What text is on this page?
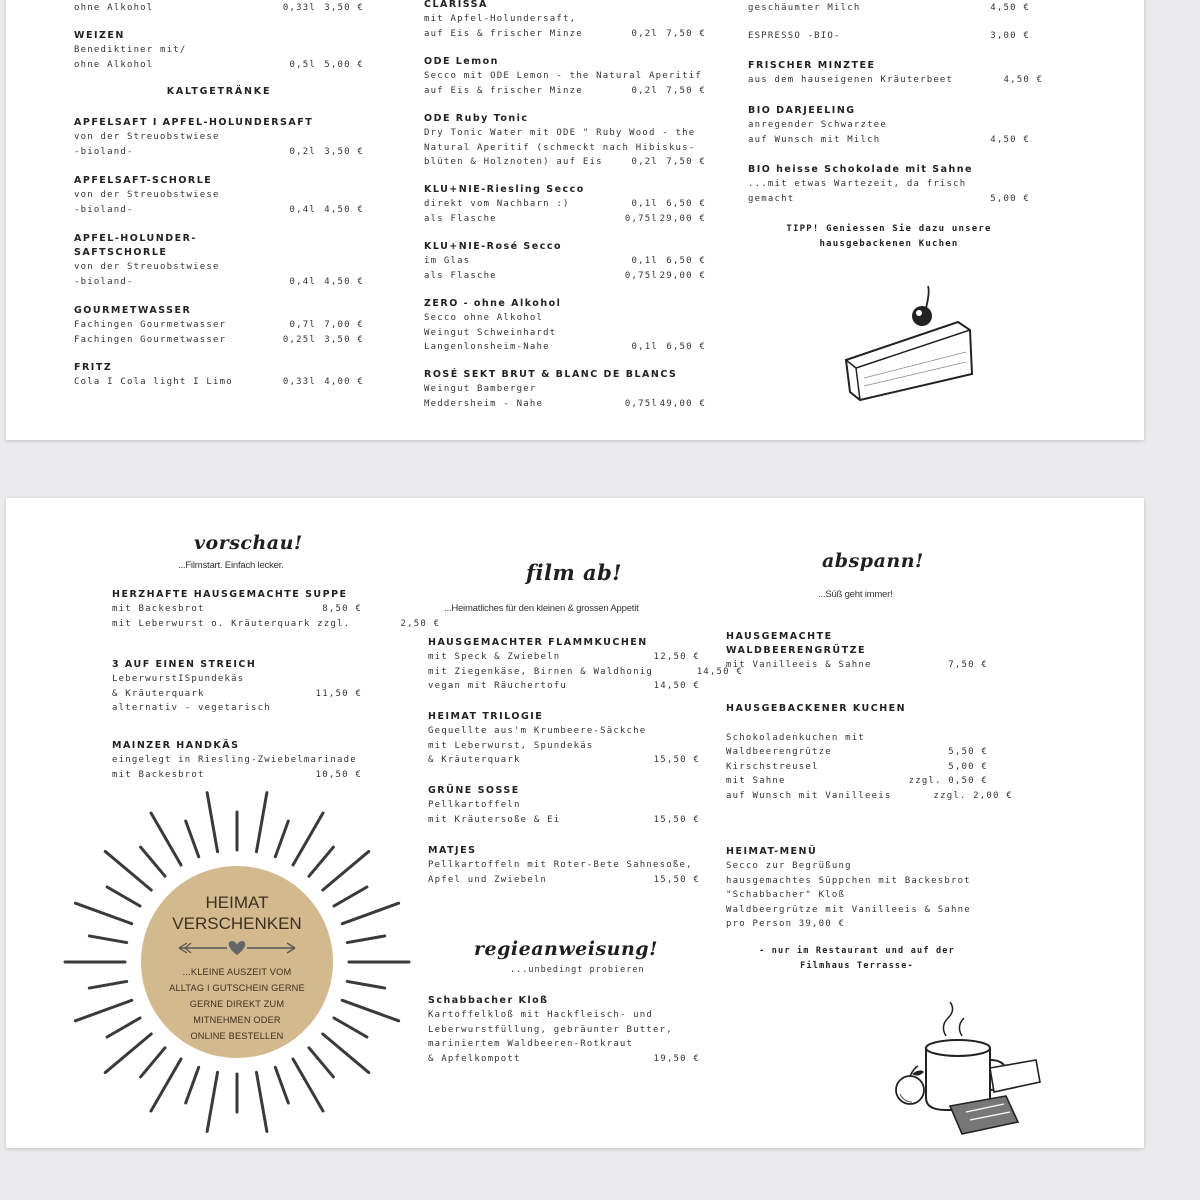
ohne Alkohol	0,33l 3,50 €
WEIZEN
Benediktiner mit/
ohne Alkohol	0,5l 5,00 €
KALTGETRÄNKE
APFELSAFT I APFEL-HOLUNDERSAFT
von der Streuobstwiese
-bioland-	0,2l 3,50 €
APFELSAFT-SCHORLE
von der Streuobstwiese
-bioland-	0,4l 4,50 €
APFEL-HOLUNDER-
SAFTSCHORLE
von der Streuobstwiese
-bioland-	0,4l 4,50 €
GOURMETWASSER
Fachingen Gourmetwasser	0,7l 7,00 €
Fachingen Gourmetwasser	0,25l 3,50 €
FRITZ
Cola I Cola light I Limo	0,33l 4,00 €
CLARISSA
mit Apfel-Holundersaft,
auf Eis & frischer Minze	0,2l 7,50 €
ODE Lemon
Secco mit ODE Lemon - the Natural Aperitif
auf Eis & frischer Minze	0,2l 7,50 €
ODE Ruby Tonic
Dry Tonic Water mit ODE " Ruby Wood - the
Natural Aperitif (schmeckt nach Hibiskus-
blüten & Holznoten) auf Eis	0,2l 7,50 €
KLU+NIE-Riesling Secco
direkt vom Nachbarn :)	0,1l 6,50 €
als Flasche	0,75l 29,00 €
KLU+NIE-Rosé Secco
im Glas	0,1l 6,50 €
als Flasche	0,75l 29,00 €
ZERO - ohne Alkohol
Secco ohne Alkohol
Weingut Schweinhardt
Langenlonsheim-Nahe	0,1l 6,50 €
ROSÉ SEKT BRUT & BLANC DE BLANCS
Weingut Bamberger
Meddersheim - Nahe	0,75l 49,00 €
geschäumter Milch	4,50 €
ESPRESSO -BIO-	3,00 €
FRISCHER MINZTEE
aus dem hauseigenen Kräuterbeet	4,50 €
BIO DARJEELING
anregender Schwarztee
auf Wunsch mit Milch	4,50 €
BIO heisse Schokolade mit Sahne
...mit etwas Wartezeit, da frisch
gemacht	5,00 €
TIPP! Geniessen Sie dazu unsere
hausgebackenen Kuchen
vorschau!
...Filmstart. Einfach lecker.
HERZHAFTE HAUSGEMACHTE SUPPE
mit Backesbrot	8,50 €
mit Leberwurst o. Kräuterquark zzgl.	2,50 €
3 AUF EINEN STREICH
LeberwurstISpundekäs
& Kräuterquark	11,50 €
alternativ - vegetarisch
MAINZER HANDKÄS
eingelegt in Riesling-Zwiebelmarinade
mit Backesbrot	10,50 €
HEIMAT
VERSCHENKEN
...KLEINE AUSZEIT VOM
ALLTAG I GUTSCHEIN GERNE
GERNE DIREKT ZUM
MITNEHMEN ODER
ONLINE BESTELLEN
film ab!
...Heimatliches für den kleinen & grossen Appetit
HAUSGEMACHTER FLAMMKUCHEN
mit Speck & Zwiebeln	12,50 €
mit Ziegenkäse, Birnen & Waldhonig	14,50 €
vegan mit Räuchertofu	14,50 €
HEIMAT TRILOGIE
Gequellte aus'm Krumbeere-Säckche
mit Leberwurst, Spundekäs
& Kräuterquark	15,50 €
GRÜNE SOSSE
Pellkartoffeln
mit Kräutersoße & Ei	15,50 €
MATJES
Pellkartoffeln mit Roter-Bete Sahnesoße,
Apfel und Zwiebeln	15,50 €
regieanweisung!
...unbedingt probieren
Schabbacher Kloß
Kartoffelkloß mit Hackfleisch- und
Leberwurstfüllung, gebräunter Butter,
mariniertem Waldbeeren-Rotkraut
& Apfelkompott	19,50 €
abspann!
...Süß geht immer!
HAUSGEMACHTE
WALDBEERENGRÜTZE
mit Vanilleeis & Sahne	7,50 €
HAUSGEBACKENER KUCHEN

Schokoladenkuchen mit
Waldbeerengrütze	5,50 €
Kirschstreusel	5,00 €
mit Sahne	zzgl. 0,50 €
auf Wunsch mit Vanilleeis	zzgl. 2,00 €
HEIMAT-MENÜ
Secco zur Begrüßung
hausgemachtes Süppchen mit Backesbrot
"Schabbacher" Kloß
Waldbeergrütze mit Vanilleeis & Sahne
pro Person 39,00 €
- nur im Restaurant und auf der
Filmhaus Terrasse-
